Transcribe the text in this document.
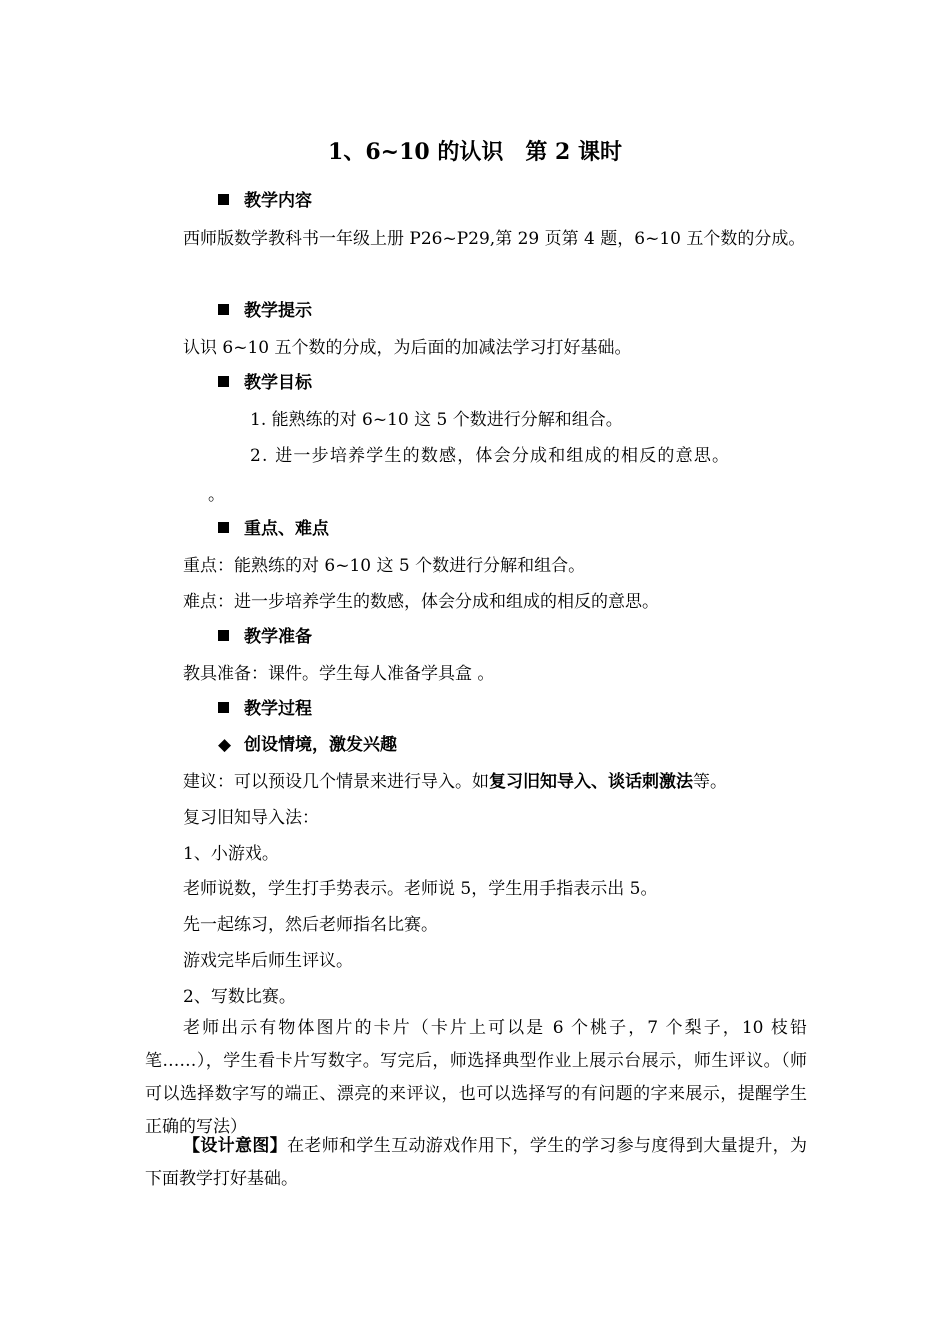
1、6~10 的认识　第 2 课时
教学内容
西师版数学教科书一年级上册 P26~P29,第 29 页第 4 题，6~10 五个数的分成。
教学提示
认识 6~10 五个数的分成，为后面的加减法学习打好基础。
教学目标
1. 能熟练的对 6~10 这 5 个数进行分解和组合。
2. 进一步培养学生的数感，体会分成和组成的相反的意思。
。
重点、难点
重点：能熟练的对 6~10 这 5 个数进行分解和组合。
难点：进一步培养学生的数感，体会分成和组成的相反的意思。
教学准备
教具准备：课件。学生每人准备学具盒 。
教学过程
◆ 创设情境，激发兴趣
建议：可以预设几个情景来进行导入。如复习旧知导入、谈话刺激法等。
复习旧知导入法：
1、小游戏。
老师说数，学生打手势表示。老师说 5，学生用手指表示出 5。
先一起练习，然后老师指名比赛。
游戏完毕后师生评议。
2、写数比赛。
老师出示有物体图片的卡片（卡片上可以是 6 个桃子，7 个梨子，10 枝铅笔……），学生看卡片写数字。写完后，师选择典型作业上展示台展示，师生评议。（师可以选择数字写的端正、漂亮的来评议，也可以选择写的有问题的字来展示，提醒学生正确的写法）
【设计意图】在老师和学生互动游戏作用下，学生的学习参与度得到大量提升，为下面教学打好基础。
